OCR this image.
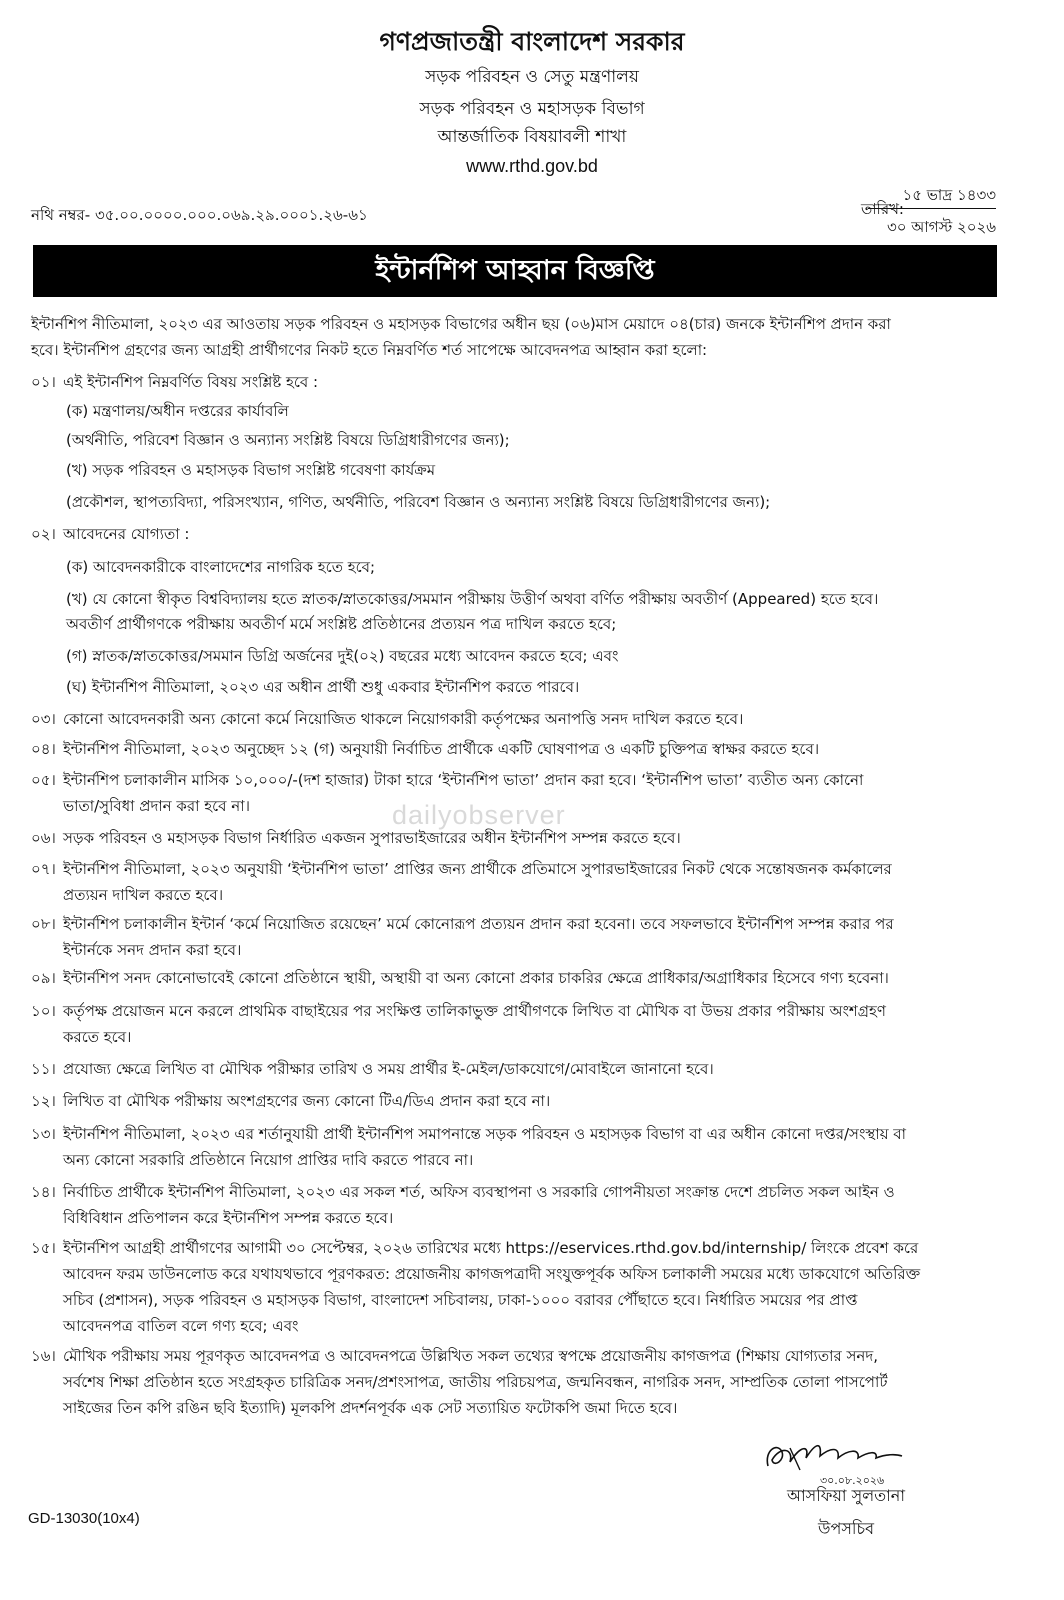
গণপ্রজাতন্ত্রী বাংলাদেশ সরকার
সড়ক পরিবহন ও সেতু মন্ত্রণালয়
সড়ক পরিবহন ও মহাসড়ক বিভাগ
আন্তর্জাতিক বিষয়াবলী শাখা
www.rthd.gov.bd
নথি নম্বর- ৩৫.০০.০০০০.০০০.০৬৯.২৯.০০০১.২৬-৬১	তারিখ:
১৫ ভাদ্র ১৪৩৩
৩০ আগস্ট ২০২৬
ইন্টার্নশিপ আহ্বান বিজ্ঞপ্তি
ইন্টার্নশিপ নীতিমালা, ২০২৩ এর আওতায় সড়ক পরিবহন ও মহাসড়ক বিভাগের অধীন ছয় (০৬)মাস মেয়াদে ০৪(চার) জনকে ইন্টার্নশিপ প্রদান করা
হবে। ইন্টার্নশিপ গ্রহণের জন্য আগ্রহী প্রার্থীগণের নিকট হতে নিম্নবর্ণিত শর্ত সাপেক্ষে আবেদনপত্র আহ্বান করা হলো:
০১। এই ইন্টার্নশিপ নিম্নবর্ণিত বিষয় সংশ্লিষ্ট হবে :
(ক) মন্ত্রণালয়/অধীন দপ্তরের কার্যাবলি
(অর্থনীতি, পরিবেশ বিজ্ঞান ও অন্যান্য সংশ্লিষ্ট বিষয়ে ডিগ্রিধারীগণের জন্য);
(খ) সড়ক পরিবহন ও মহাসড়ক বিভাগ সংশ্লিষ্ট গবেষণা কার্যক্রম
(প্রকৌশল, স্থাপত্যবিদ্যা, পরিসংখ্যান, গণিত, অর্থনীতি, পরিবেশ বিজ্ঞান ও অন্যান্য সংশ্লিষ্ট বিষয়ে ডিগ্রিধারীগণের জন্য);
০২। আবেদনের যোগ্যতা :
(ক) আবেদনকারীকে বাংলাদেশের নাগরিক হতে হবে;
(খ) যে কোনো স্বীকৃত বিশ্ববিদ্যালয় হতে স্নাতক/স্নাতকোত্তর/সমমান পরীক্ষায় উত্তীর্ণ অথবা বর্ণিত পরীক্ষায় অবতীর্ণ (Appeared) হতে হবে।
অবতীর্ণ প্রার্থীগণকে পরীক্ষায় অবতীর্ণ মর্মে সংশ্লিষ্ট প্রতিষ্ঠানের প্রত্যয়ন পত্র দাখিল করতে হবে;
(গ) স্নাতক/স্নাতকোত্তর/সমমান ডিগ্রি অর্জনের দুই(০২) বছরের মধ্যে আবেদন করতে হবে; এবং
(ঘ) ইন্টার্নশিপ নীতিমালা, ২০২৩ এর অধীন প্রার্থী শুধু একবার ইন্টার্নশিপ করতে পারবে।
০৩। কোনো আবেদনকারী অন্য কোনো কর্মে নিয়োজিত থাকলে নিয়োগকারী কর্তৃপক্ষের অনাপত্তি সনদ দাখিল করতে হবে।
০৪। ইন্টার্নশিপ নীতিমালা, ২০২৩ অনুচ্ছেদ ১২ (গ) অনুযায়ী নির্বাচিত প্রার্থীকে একটি ঘোষণাপত্র ও একটি চুক্তিপত্র স্বাক্ষর করতে হবে।
০৫। ইন্টার্নশিপ চলাকালীন মাসিক ১০,০০০/-(দশ হাজার) টাকা হারে ‘ইন্টার্নশিপ ভাতা’ প্রদান করা হবে। ‘ইন্টার্নশিপ ভাতা’ ব্যতীত অন্য কোনো
ভাতা/সুবিধা প্রদান করা হবে না।
০৬। সড়ক পরিবহন ও মহাসড়ক বিভাগ নির্ধারিত একজন সুপারভাইজারের অধীন ইন্টার্নশিপ সম্পন্ন করতে হবে।
০৭। ইন্টার্নশিপ নীতিমালা, ২০২৩ অনুযায়ী ‘ইন্টার্নশিপ ভাতা’ প্রাপ্তির জন্য প্রার্থীকে প্রতিমাসে সুপারভাইজারের নিকট থেকে সন্তোষজনক কর্মকালের
প্রত্যয়ন দাখিল করতে হবে।
০৮। ইন্টার্নশিপ চলাকালীন ইন্টার্ন ‘কর্মে নিয়োজিত রয়েছেন’ মর্মে কোনোরূপ প্রত্যয়ন প্রদান করা হবেনা। তবে সফলভাবে ইন্টার্নশিপ সম্পন্ন করার পর
ইন্টার্নকে সনদ প্রদান করা হবে।
০৯। ইন্টার্নশিপ সনদ কোনোভাবেই কোনো প্রতিষ্ঠানে স্থায়ী, অস্থায়ী বা অন্য কোনো প্রকার চাকরির ক্ষেত্রে প্রাধিকার/অগ্রাধিকার হিসেবে গণ্য হবেনা।
১০। কর্তৃপক্ষ প্রয়োজন মনে করলে প্রাথমিক বাছাইয়ের পর সংক্ষিপ্ত তালিকাভুক্ত প্রার্থীগণকে লিখিত বা মৌখিক বা উভয় প্রকার পরীক্ষায় অংশগ্রহণ
করতে হবে।
১১। প্রযোজ্য ক্ষেত্রে লিখিত বা মৌখিক পরীক্ষার তারিখ ও সময় প্রার্থীর ই-মেইল/ডাকযোগে/মোবাইলে জানানো হবে।
১২। লিখিত বা মৌখিক পরীক্ষায় অংশগ্রহণের জন্য কোনো টিএ/ডিএ প্রদান করা হবে না।
১৩। ইন্টার্নশিপ নীতিমালা, ২০২৩ এর শর্তানুযায়ী প্রার্থী ইন্টার্নশিপ সমাপনান্তে সড়ক পরিবহন ও মহাসড়ক বিভাগ বা এর অধীন কোনো দপ্তর/সংস্থায় বা
অন্য কোনো সরকারি প্রতিষ্ঠানে নিয়োগ প্রাপ্তির দাবি করতে পারবে না।
১৪। নির্বাচিত প্রার্থীকে ইন্টার্নশিপ নীতিমালা, ২০২৩ এর সকল শর্ত, অফিস ব্যবস্থাপনা ও সরকারি গোপনীয়তা সংক্রান্ত দেশে প্রচলিত সকল আইন ও
বিধিবিধান প্রতিপালন করে ইন্টার্নশিপ সম্পন্ন করতে হবে।
১৫। ইন্টার্নশিপ আগ্রহী প্রার্থীগণের আগামী ৩০ সেপ্টেম্বর, ২০২৬ তারিখের মধ্যে https://eservices.rthd.gov.bd/internship/ লিংকে প্রবেশ করে
আবেদন ফরম ডাউনলোড করে যথাযথভাবে পূরণকরত: প্রয়োজনীয় কাগজপত্রাদী সংযুক্তপূর্বক অফিস চলাকালী সময়ের মধ্যে ডাকযোগে অতিরিক্ত
সচিব (প্রশাসন), সড়ক পরিবহন ও মহাসড়ক বিভাগ, বাংলাদেশ সচিবালয়, ঢাকা-১০০০ বরাবর পৌঁছাতে হবে। নির্ধারিত সময়ের পর প্রাপ্ত
আবেদনপত্র বাতিল বলে গণ্য হবে; এবং
১৬। মৌখিক পরীক্ষায় সময় পূরণকৃত আবেদনপত্র ও আবেদনপত্রে উল্লিখিত সকল তথ্যের স্বপক্ষে প্রয়োজনীয় কাগজপত্র (শিক্ষায় যোগ্যতার সনদ,
সর্বশেষ শিক্ষা প্রতিষ্ঠান হতে সংগ্রহকৃত চারিত্রিক সনদ/প্রশংসাপত্র, জাতীয় পরিচয়পত্র, জন্মনিবন্ধন, নাগরিক সনদ, সাম্প্রতিক তোলা পাসপোর্ট
সাইজের তিন কপি রঙিন ছবি ইত্যাদি) মূলকপি প্রদর্শনপূর্বক এক সেট সত্যায়িত ফটোকপি জমা দিতে হবে।
dailyobserver
৩০.০৮.২০২৬
আসফিয়া সুলতানা
উপসচিব
GD-13030(10x4)
